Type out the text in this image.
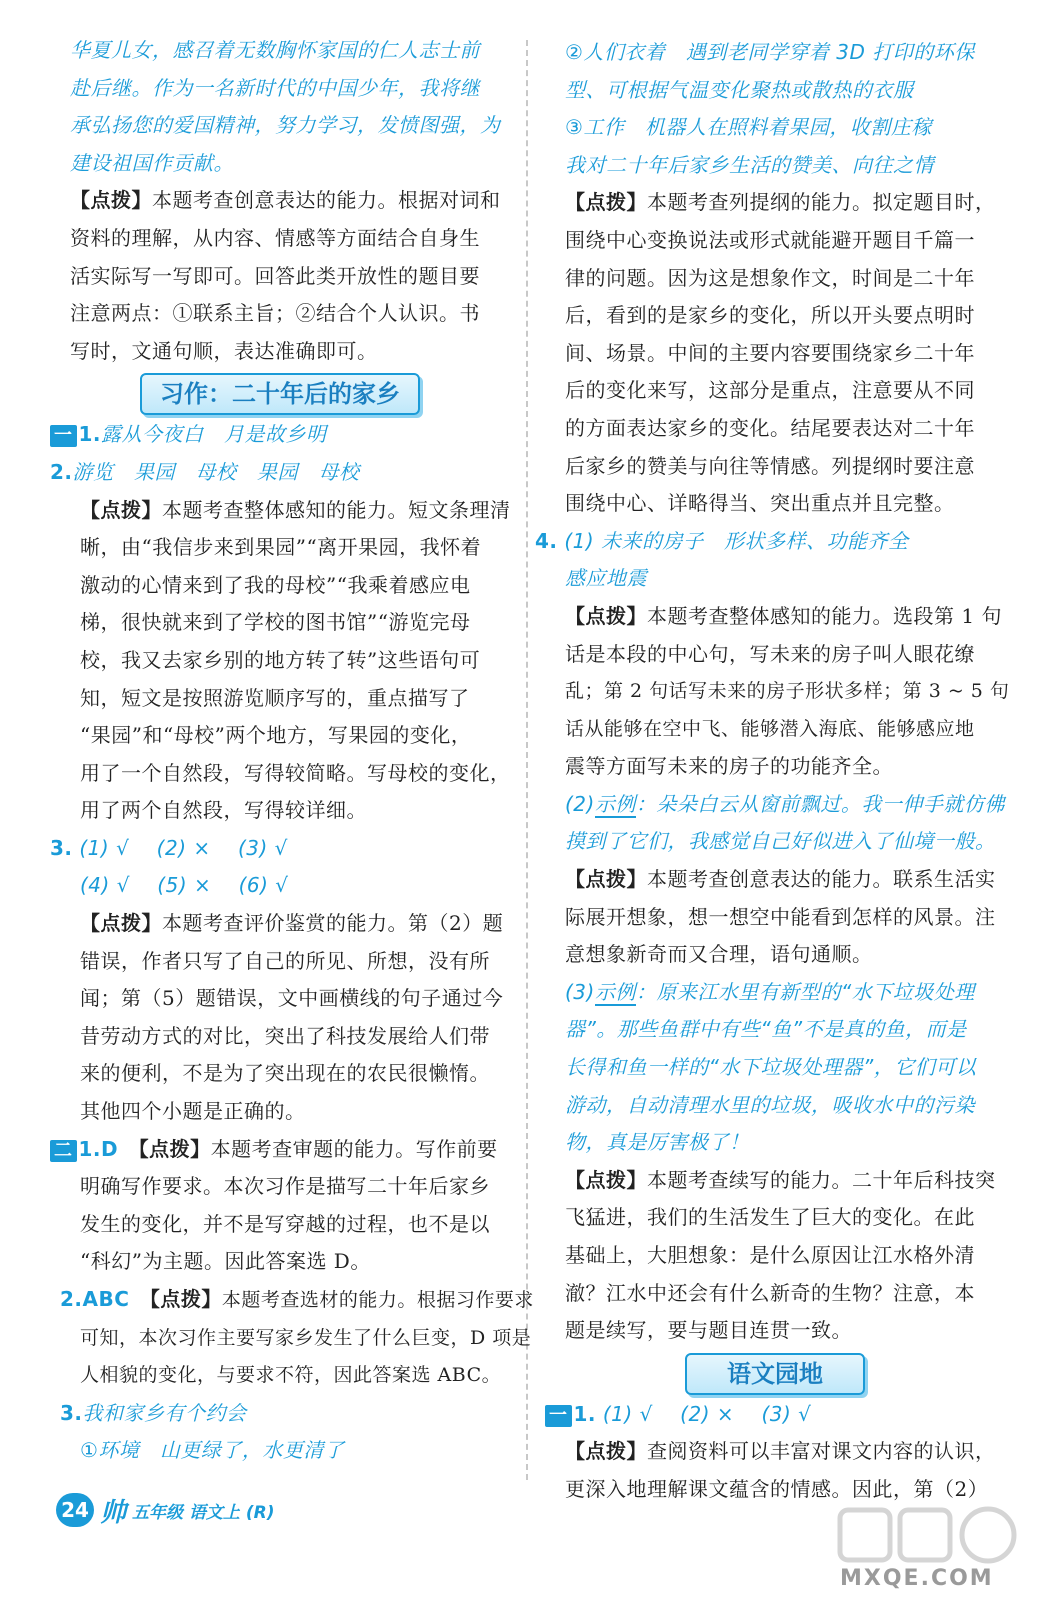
华夏儿女，感召着无数胸怀家国的仁人志士前
赴后继。作为一名新时代的中国少年，我将继
承弘扬您的爱国精神，努力学习，发愤图强，为
建设祖国作贡献。
【点拨】本题考查创意表达的能力。根据对词和
资料的理解，从内容、情感等方面结合自身生
活实际写一写即可。回答此类开放性的题目要
注意两点：①联系主旨；②结合个人认识。书
写时，文通句顺，表达准确即可。
习作：二十年后的家乡
一 1.露从今夜白　月是故乡明
2.游览　果园　母校　果园　母校
【点拨】本题考查整体感知的能力。短文条理清
晰，由“我信步来到果园”“离开果园，我怀着
激动的心情来到了我的母校”“我乘着感应电
梯，很快就来到了学校的图书馆”“游览完母
校，我又去家乡别的地方转了转”这些语句可
知，短文是按照游览顺序写的，重点描写了
“果园”和“母校”两个地方，写果园的变化，
用了一个自然段，写得较简略。写母校的变化，
用了两个自然段，写得较详细。
3. (1) √　 (2) ×　 (3) √
(4) √　 (5) ×　 (6) √
【点拨】本题考查评价鉴赏的能力。第（2）题
错误，作者只写了自己的所见、所想，没有所
闻；第（5）题错误，文中画横线的句子通过今
昔劳动方式的对比，突出了科技发展给人们带
来的便利，不是为了突出现在的农民很懒惰。
其他四个小题是正确的。
二 1.D　 【点拨】本题考查审题的能力。写作前要
明确写作要求。本次习作是描写二十年后家乡
发生的变化，并不是写穿越的过程，也不是以
“科幻”为主题。因此答案选 D。
2.ABC　 【点拨】本题考查选材的能力。根据习作要求
可知，本次习作主要写家乡发生了什么巨变，D 项是
人相貌的变化，与要求不符，因此答案选 ABC。
3.我和家乡有个约会
①环境　山更绿了，水更清了
②人们衣着　遇到老同学穿着 3D 打印的环保
型、可根据气温变化聚热或散热的衣服
③工作　机器人在照料着果园，收割庄稼
我对二十年后家乡生活的赞美、向往之情
【点拨】本题考查列提纲的能力。拟定题目时，
围绕中心变换说法或形式就能避开题目千篇一
律的问题。因为这是想象作文，时间是二十年
后，看到的是家乡的变化，所以开头要点明时
间、场景。中间的主要内容要围绕家乡二十年
后的变化来写，这部分是重点，注意要从不同
的方面表达家乡的变化。结尾要表达对二十年
后家乡的赞美与向往等情感。列提纲时要注意
围绕中心、详略得当、突出重点并且完整。
4. (1) 未来的房子　形状多样、功能齐全
感应地震
【点拨】本题考查整体感知的能力。选段第 1 句
话是本段的中心句，写未来的房子叫人眼花缭
乱；第 2 句话写未来的房子形状多样；第 3 ~ 5 句
话从能够在空中飞、能够潜入海底、能够感应地
震等方面写未来的房子的功能齐全。
(2)示例：朵朵白云从窗前飘过。我一伸手就仿佛
摸到了它们，我感觉自己好似进入了仙境一般。
【点拨】本题考查创意表达的能力。联系生活实
际展开想象，想一想空中能看到怎样的风景。注
意想象新奇而又合理，语句通顺。
(3)示例：原来江水里有新型的“水下垃圾处理
器”。那些鱼群中有些“鱼”不是真的鱼，而是
长得和鱼一样的“水下垃圾处理器”，它们可以
游动，自动清理水里的垃圾，吸收水中的污染
物，真是厉害极了！
【点拨】本题考查续写的能力。二十年后科技突
飞猛进，我们的生活发生了巨大的变化。在此
基础上，大胆想象：是什么原因让江水格外清
澈？江水中还会有什么新奇的生物？注意，本
题是续写，要与题目连贯一致。
语文园地
一 1. (1) √　 (2) ×　 (3) √
【点拨】查阅资料可以丰富对课文内容的认识，
更深入地理解课文蕴含的情感。因此，第（2）
24 帅 五年级 语文上 (R)
MXQE.COM
